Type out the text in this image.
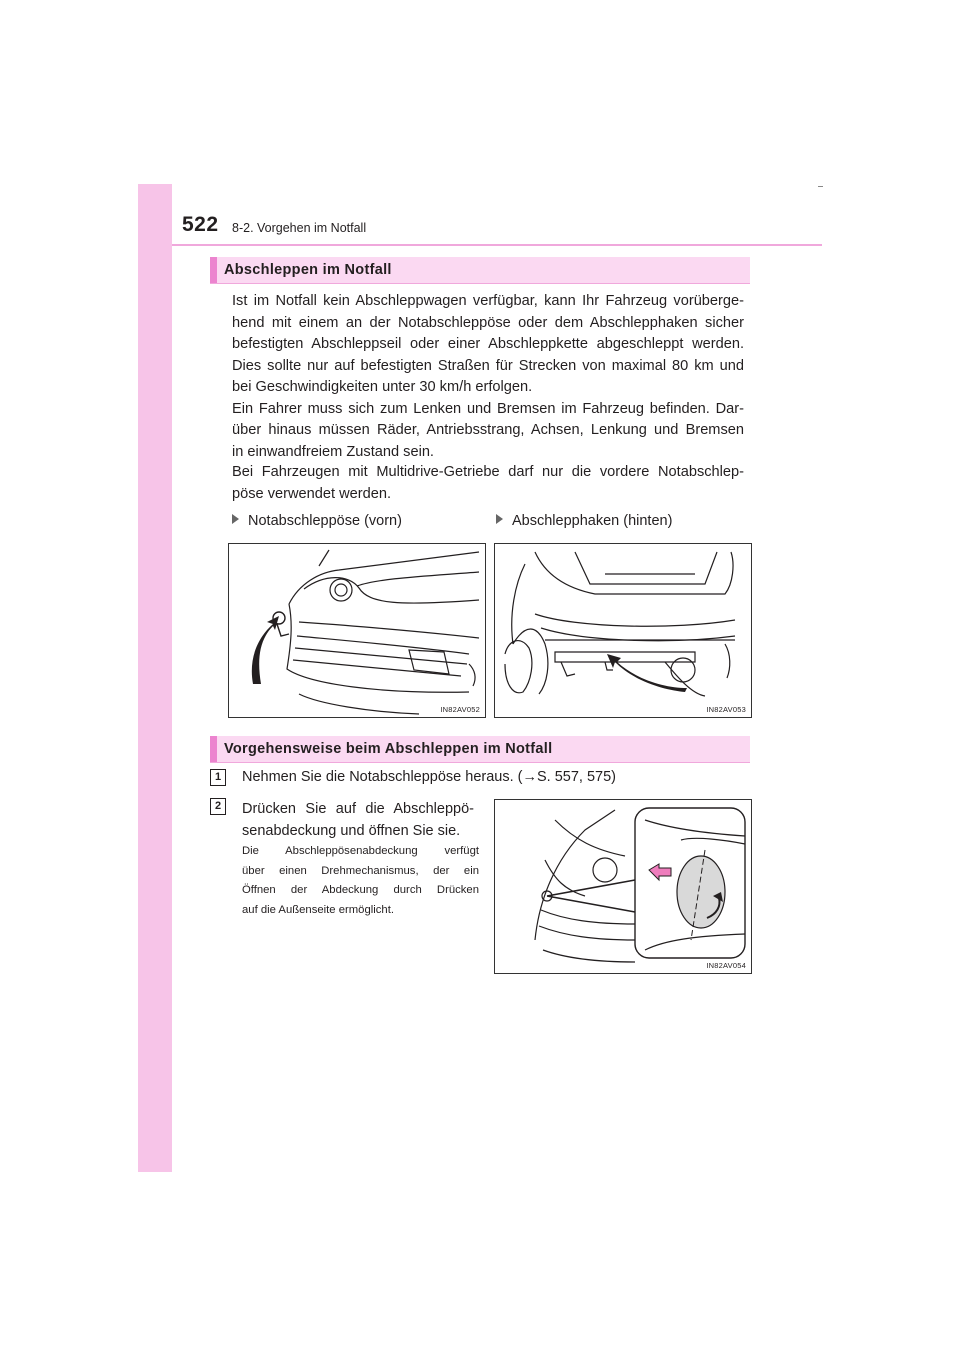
522 8-2. Vorgehen im Notfall
Abschleppen im Notfall
Ist im Notfall kein Abschleppwagen verfügbar, kann Ihr Fahrzeug vorüberge-
hend mit einem an der Notabschleppöse oder dem Abschlepphaken sicher
befestigten Abschleppseil oder einer Abschleppkette abgeschleppt werden.
Dies sollte nur auf befestigten Straßen für Strecken von maximal 80 km und
bei Geschwindigkeiten unter 30 km/h erfolgen.
Ein Fahrer muss sich zum Lenken und Bremsen im Fahrzeug befinden. Dar-
über hinaus müssen Räder, Antriebsstrang, Achsen, Lenkung und Bremsen
in einwandfreiem Zustand sein.
Bei Fahrzeugen mit Multidrive-Getriebe darf nur die vordere Notabschlep-
pöse verwendet werden.
Notabschleppöse (vorn)	Abschlepphaken (hinten)
IN82AV052	IN82AV053
Vorgehensweise beim Abschleppen im Notfall
1	Nehmen Sie die Notabschleppöse heraus. (→S. 557, 575)
2	Drücken Sie auf die Abschleppö-
senabdeckung und öffnen Sie sie.
Die Abschleppösenabdeckung verfügt
über einen Drehmechanismus, der ein
Öffnen der Abdeckung durch Drücken
auf die Außenseite ermöglicht.
IN82AV054
